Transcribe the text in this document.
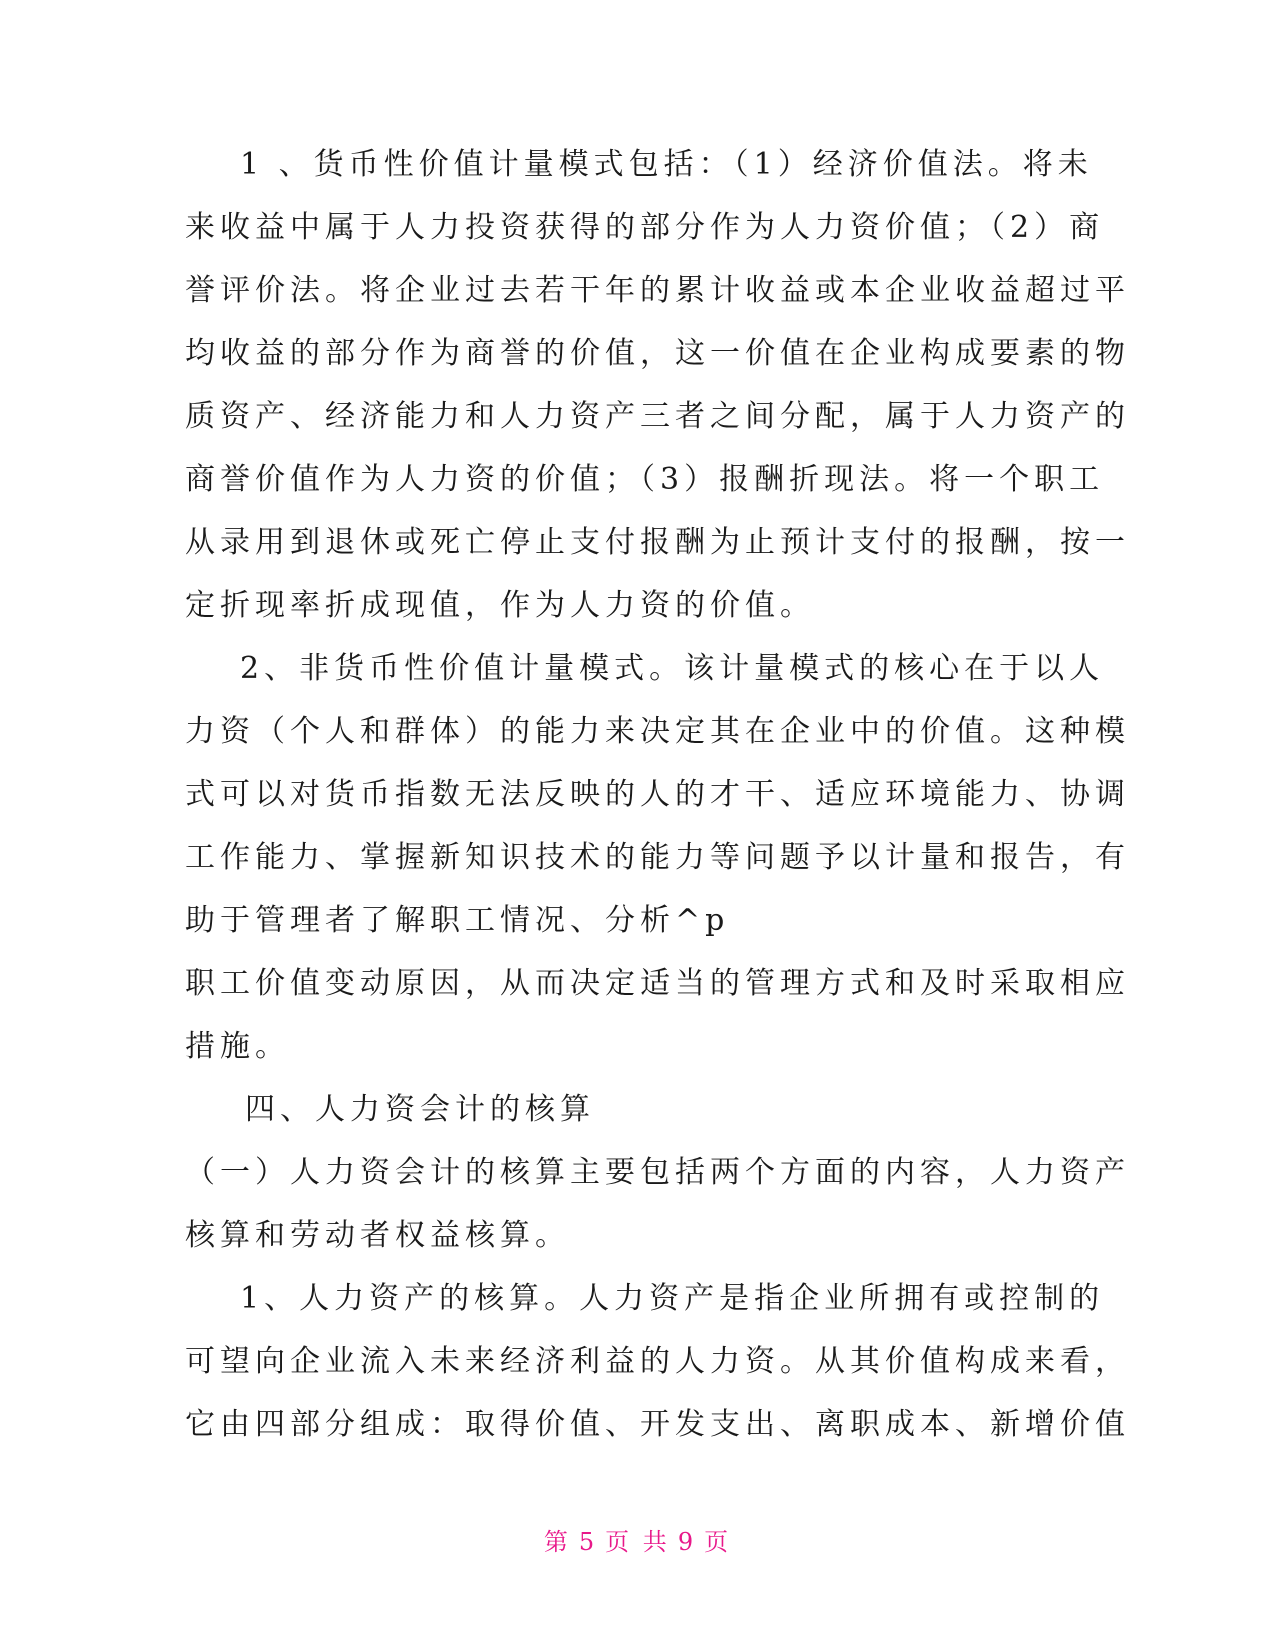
1 、货币性价值计量模式包括：（1）经济价值法。将未
来收益中属于人力投资获得的部分作为人力资价值；（2）商
誉评价法。将企业过去若干年的累计收益或本企业收益超过平
均收益的部分作为商誉的价值，这一价值在企业构成要素的物
质资产、经济能力和人力资产三者之间分配，属于人力资产的
商誉价值作为人力资的价值；（3）报酬折现法。将一个职工
从录用到退休或死亡停止支付报酬为止预计支付的报酬，按一
定折现率折成现值，作为人力资的价值。
2、非货币性价值计量模式。该计量模式的核心在于以人
力资（个人和群体）的能力来决定其在企业中的价值。这种模
式可以对货币指数无法反映的人的才干、适应环境能力、协调
工作能力、掌握新知识技术的能力等问题予以计量和报告，有
助于管理者了解职工情况、分析^p
职工价值变动原因，从而决定适当的管理方式和及时采取相应
措施。
四、人力资会计的核算
（一）人力资会计的核算主要包括两个方面的内容，人力资产
核算和劳动者权益核算。
1、人力资产的核算。人力资产是指企业所拥有或控制的
可望向企业流入未来经济利益的人力资。从其价值构成来看，
它由四部分组成：取得价值、开发支出、离职成本、新增价值
第 5 页 共 9 页
